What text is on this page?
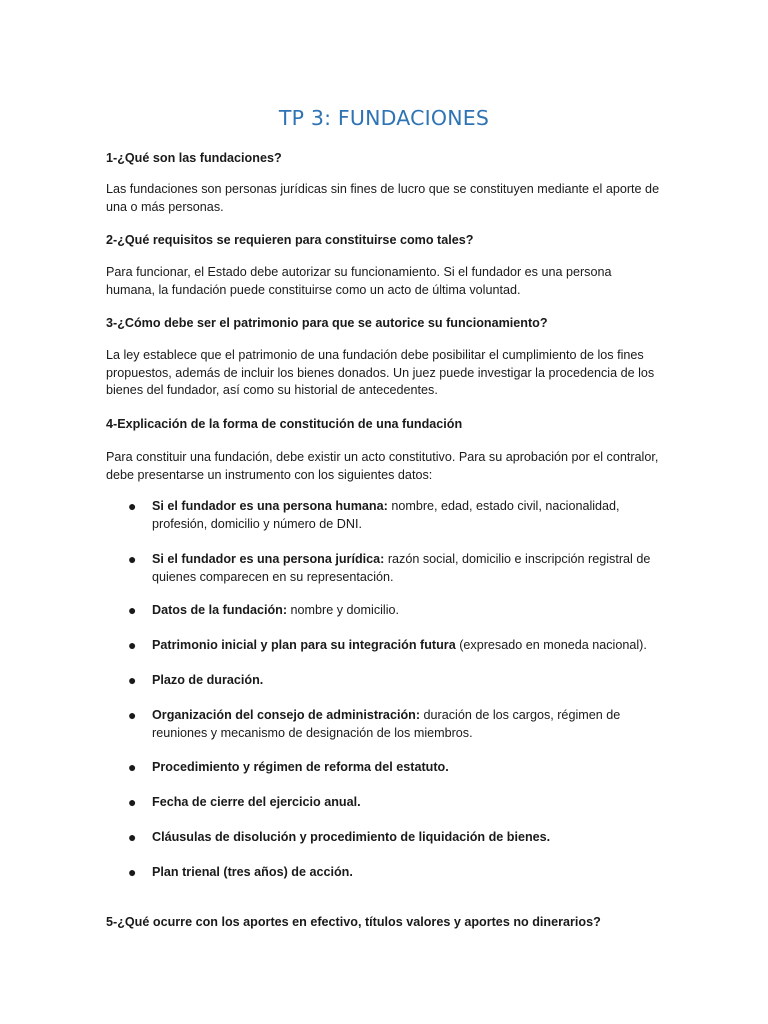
TP 3: FUNDACIONES

1-¿Qué son las fundaciones?

Las fundaciones son personas jurídicas sin fines de lucro que se constituyen mediante el aporte de una o más personas.

2-¿Qué requisitos se requieren para constituirse como tales?

Para funcionar, el Estado debe autorizar su funcionamiento. Si el fundador es una persona humana, la fundación puede constituirse como un acto de última voluntad.

3-¿Cómo debe ser el patrimonio para que se autorice su funcionamiento?

La ley establece que el patrimonio de una fundación debe posibilitar el cumplimiento de los fines propuestos, además de incluir los bienes donados. Un juez puede investigar la procedencia de los bienes del fundador, así como su historial de antecedentes.

4-Explicación de la forma de constitución de una fundación

Para constituir una fundación, debe existir un acto constitutivo. Para su aprobación por el contralor, debe presentarse un instrumento con los siguientes datos:

● Si el fundador es una persona humana: nombre, edad, estado civil, nacionalidad, profesión, domicilio y número de DNI.
● Si el fundador es una persona jurídica: razón social, domicilio e inscripción registral de quienes comparecen en su representación.
● Datos de la fundación: nombre y domicilio.
● Patrimonio inicial y plan para su integración futura (expresado en moneda nacional).
● Plazo de duración.
● Organización del consejo de administración: duración de los cargos, régimen de reuniones y mecanismo de designación de los miembros.
● Procedimiento y régimen de reforma del estatuto.
● Fecha de cierre del ejercicio anual.
● Cláusulas de disolución y procedimiento de liquidación de bienes.
● Plan trienal (tres años) de acción.

5-¿Qué ocurre con los aportes en efectivo, títulos valores y aportes no dinerarios?
